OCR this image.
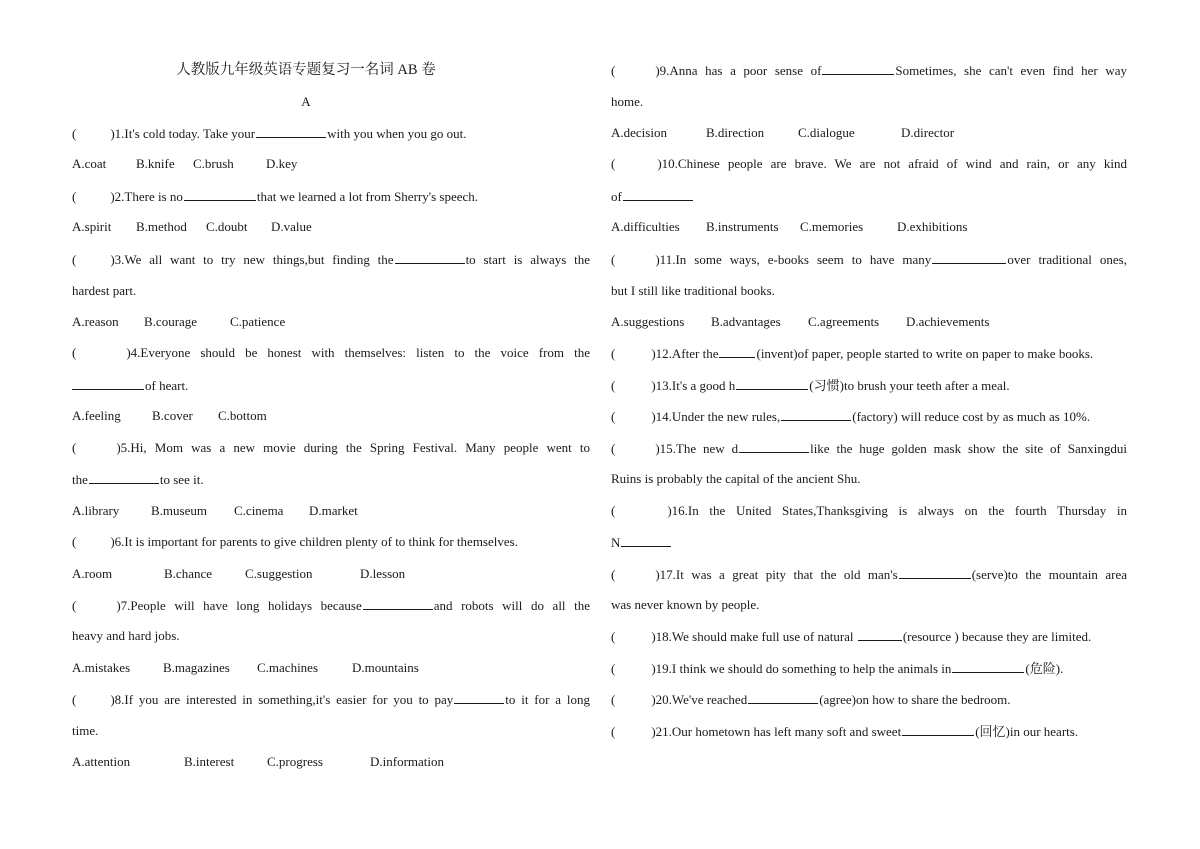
人教版九年级英语专题复习一名词 AB 卷
A
(	)1.It's cold today. Take your	with you when you go out.
A.coat B.knife C.brush D.key
(	)2.There is no	that we learned a lot from Sherry's speech.
A.spirit B.method C.doubt D.value
(	)3.We all want to try new things,but finding the	to start is always the
hardest part.
A.reason B.courage	C.patience
(	)4.Everyone should be honest with themselves: listen to the voice from the
of heart.
A.feeling B.cover C.bottom
(	)5.Hi, Mom was a new movie during the Spring Festival. Many people went to
the	to see it.
A.library B.museum C.cinema D.market
(	)6.It is important for parents to give children plenty of to think for themselves.
A.room	B.chance	C.suggestion	D.lesson
(	)7.People will have long holidays because	and robots will do all the
heavy and hard jobs.
A.mistakes	B.magazines C.machines	D.mountains
(	)8.If you are interested in something,it's easier for you to pay	to it for a long
time.
A.attention	B.interest	C.progress	D.information
(	)9.Anna has a poor sense of	Sometimes, she can't even find her way
home.
A.decision	B.direction	C.dialogue	D.director
(	)10.Chinese people are brave. We are not afraid of wind and rain, or any kind
of
A.difficulties B.instruments C.memories	D.exhibitions
(	)11.In some ways, e-books seem to have many	over traditional ones,
but I still like traditional books.
A.suggestions B.advantages C.agreements D.achievements
(	)12.After the	(invent)of paper, people started to write on paper to make books.
(	)13.It's a good h	(习惯)to brush your teeth after a meal.
(	)14.Under the new rules,	(factory) will reduce cost by as much as 10%.
(	)15.The new d	like the huge golden mask show the site of Sanxingdui
Ruins is probably the capital of the ancient Shu.
(	)16.In the United States,Thanksgiving is always on the fourth Thursday in
N
(	)17.It was a great pity that the old man's	(serve)to the mountain area
was never known by people.
(	)18.We should make full use of natural	(resource ) because they are limited.
(	)19.I think we should do something to help the animals in	(危险).
(	)20.We've reached	(agree)on how to share the bedroom.
(	)21.Our hometown has left many soft and sweet	(回忆)in our hearts.
